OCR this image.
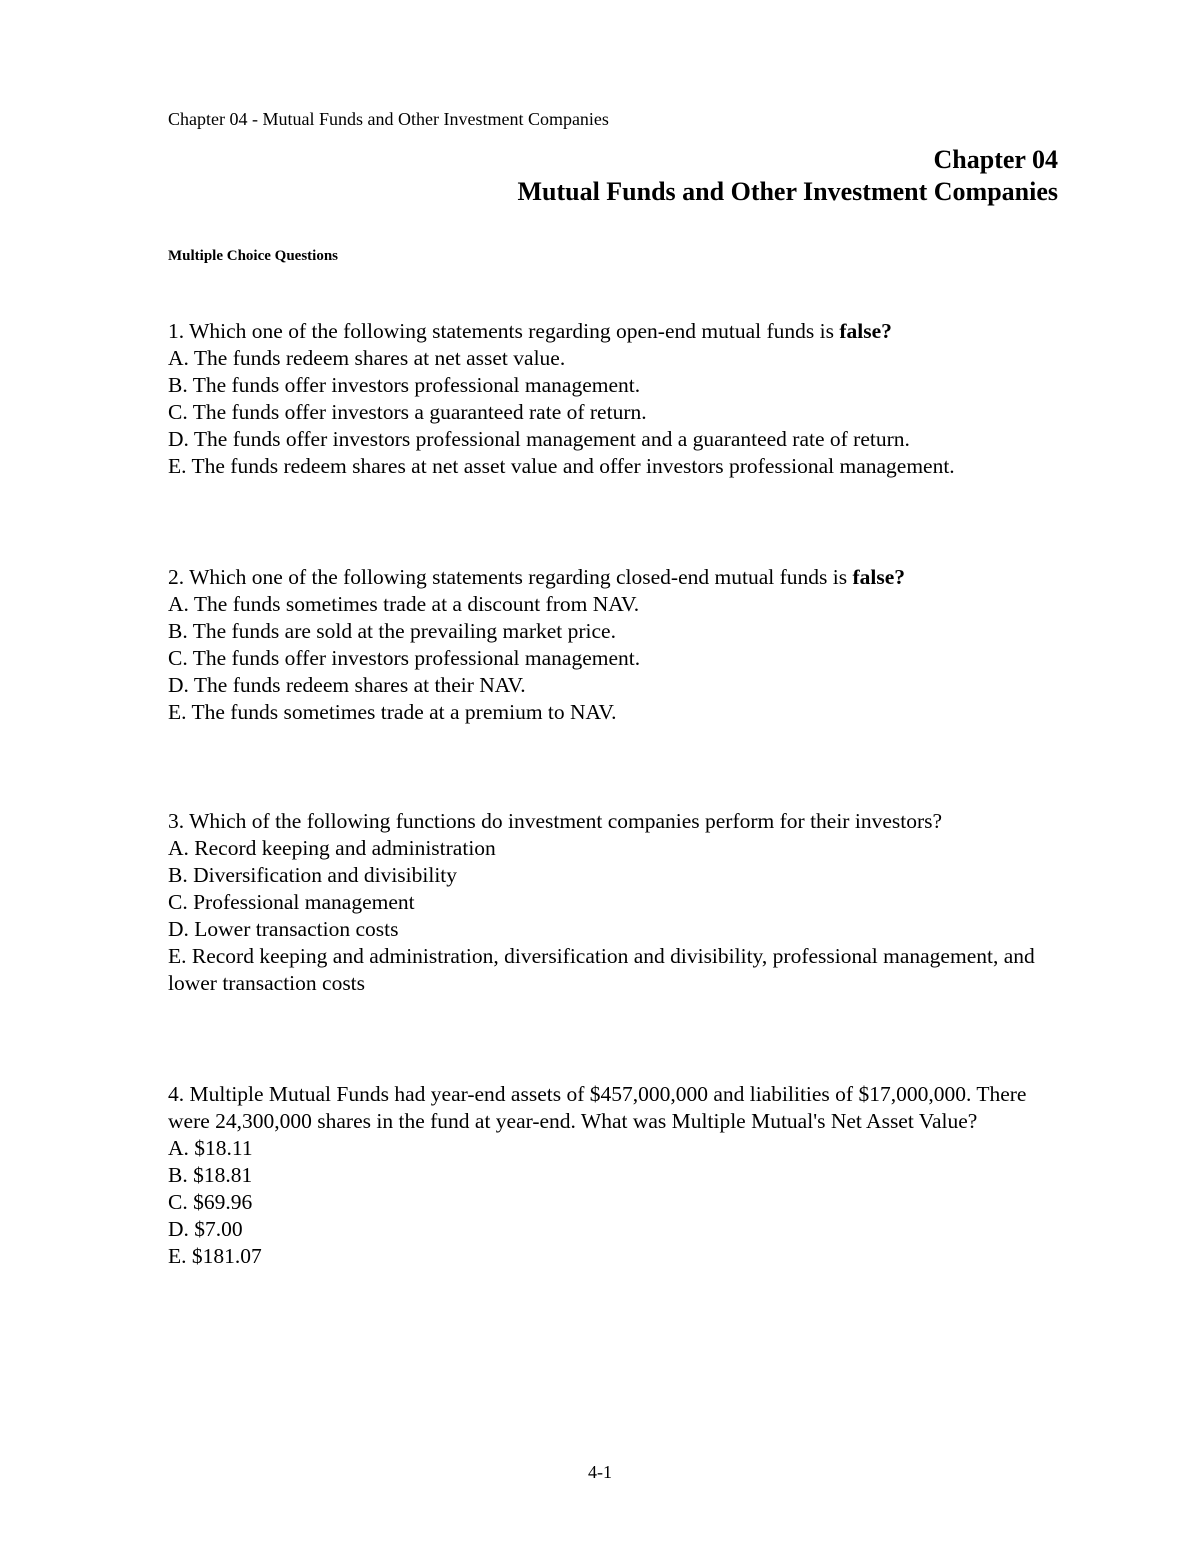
Chapter 04 - Mutual Funds and Other Investment Companies
Chapter 04
Mutual Funds and Other Investment Companies
Multiple Choice Questions
1. Which one of the following statements regarding open-end mutual funds is false?
A. The funds redeem shares at net asset value.
B. The funds offer investors professional management.
C. The funds offer investors a guaranteed rate of return.
D. The funds offer investors professional management and a guaranteed rate of return.
E. The funds redeem shares at net asset value and offer investors professional management.
2. Which one of the following statements regarding closed-end mutual funds is false?
A. The funds sometimes trade at a discount from NAV.
B. The funds are sold at the prevailing market price.
C. The funds offer investors professional management.
D. The funds redeem shares at their NAV.
E. The funds sometimes trade at a premium to NAV.
3. Which of the following functions do investment companies perform for their investors?
A. Record keeping and administration
B. Diversification and divisibility
C. Professional management
D. Lower transaction costs
E. Record keeping and administration, diversification and divisibility, professional management, and lower transaction costs
4. Multiple Mutual Funds had year-end assets of $457,000,000 and liabilities of $17,000,000. There were 24,300,000 shares in the fund at year-end. What was Multiple Mutual's Net Asset Value?
A. $18.11
B. $18.81
C. $69.96
D. $7.00
E. $181.07
4-1
